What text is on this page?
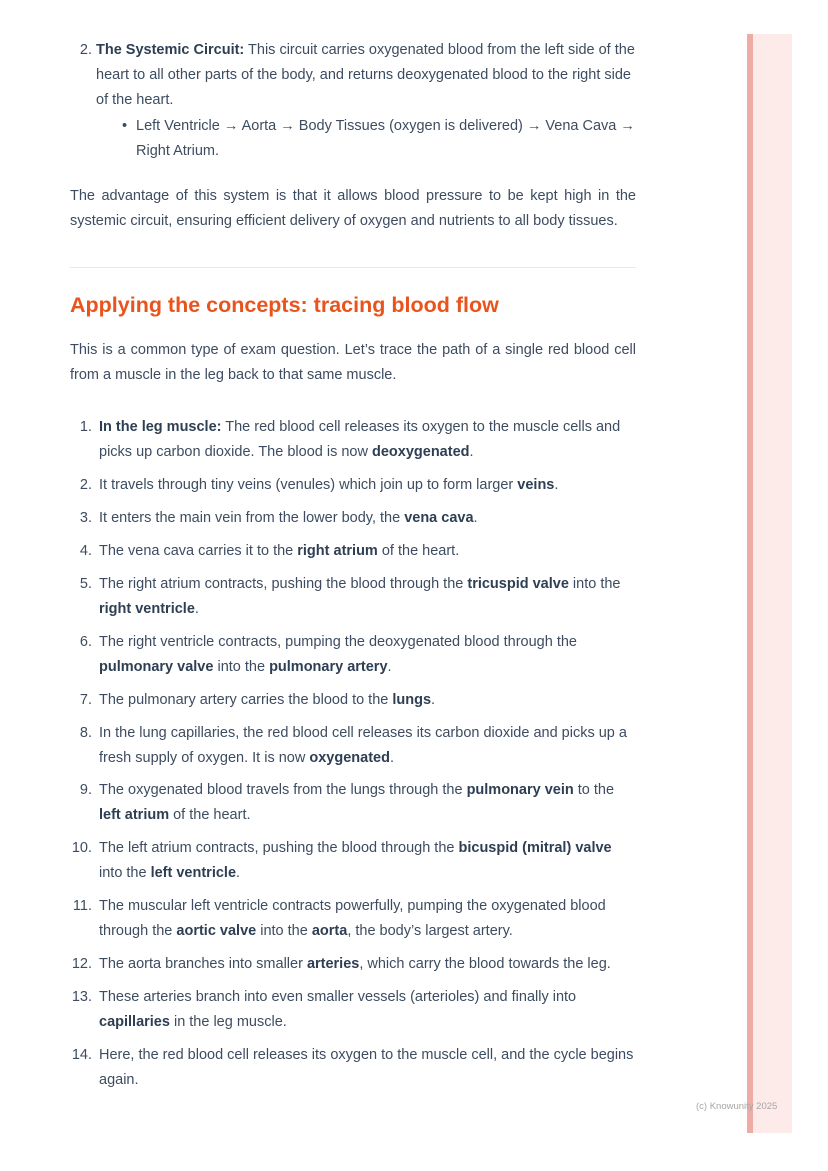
2. The Systemic Circuit: This circuit carries oxygenated blood from the left side of the heart to all other parts of the body, and returns deoxygenated blood to the right side of the heart.
• Left Ventricle → Aorta → Body Tissues (oxygen is delivered) → Vena Cava → Right Atrium.

The advantage of this system is that it allows blood pressure to be kept high in the systemic circuit, ensuring efficient delivery of oxygen and nutrients to all body tissues.

Applying the concepts: tracing blood flow

This is a common type of exam question. Let’s trace the path of a single red blood cell from a muscle in the leg back to that same muscle.

1. In the leg muscle: The red blood cell releases its oxygen to the muscle cells and picks up carbon dioxide. The blood is now deoxygenated.
2. It travels through tiny veins (venules) which join up to form larger veins.
3. It enters the main vein from the lower body, the vena cava.
4. The vena cava carries it to the right atrium of the heart.
5. The right atrium contracts, pushing the blood through the tricuspid valve into the right ventricle.
6. The right ventricle contracts, pumping the deoxygenated blood through the pulmonary valve into the pulmonary artery.
7. The pulmonary artery carries the blood to the lungs.
8. In the lung capillaries, the red blood cell releases its carbon dioxide and picks up a fresh supply of oxygen. It is now oxygenated.
9. The oxygenated blood travels from the lungs through the pulmonary vein to the left atrium of the heart.
10. The left atrium contracts, pushing the blood through the bicuspid (mitral) valve into the left ventricle.
11. The muscular left ventricle contracts powerfully, pumping the oxygenated blood through the aortic valve into the aorta, the body’s largest artery.
12. The aorta branches into smaller arteries, which carry the blood towards the leg.
13. These arteries branch into even smaller vessels (arterioles) and finally into capillaries in the leg muscle.
14. Here, the red blood cell releases its oxygen to the muscle cell, and the cycle begins again.
(c) Knowunity 2025
